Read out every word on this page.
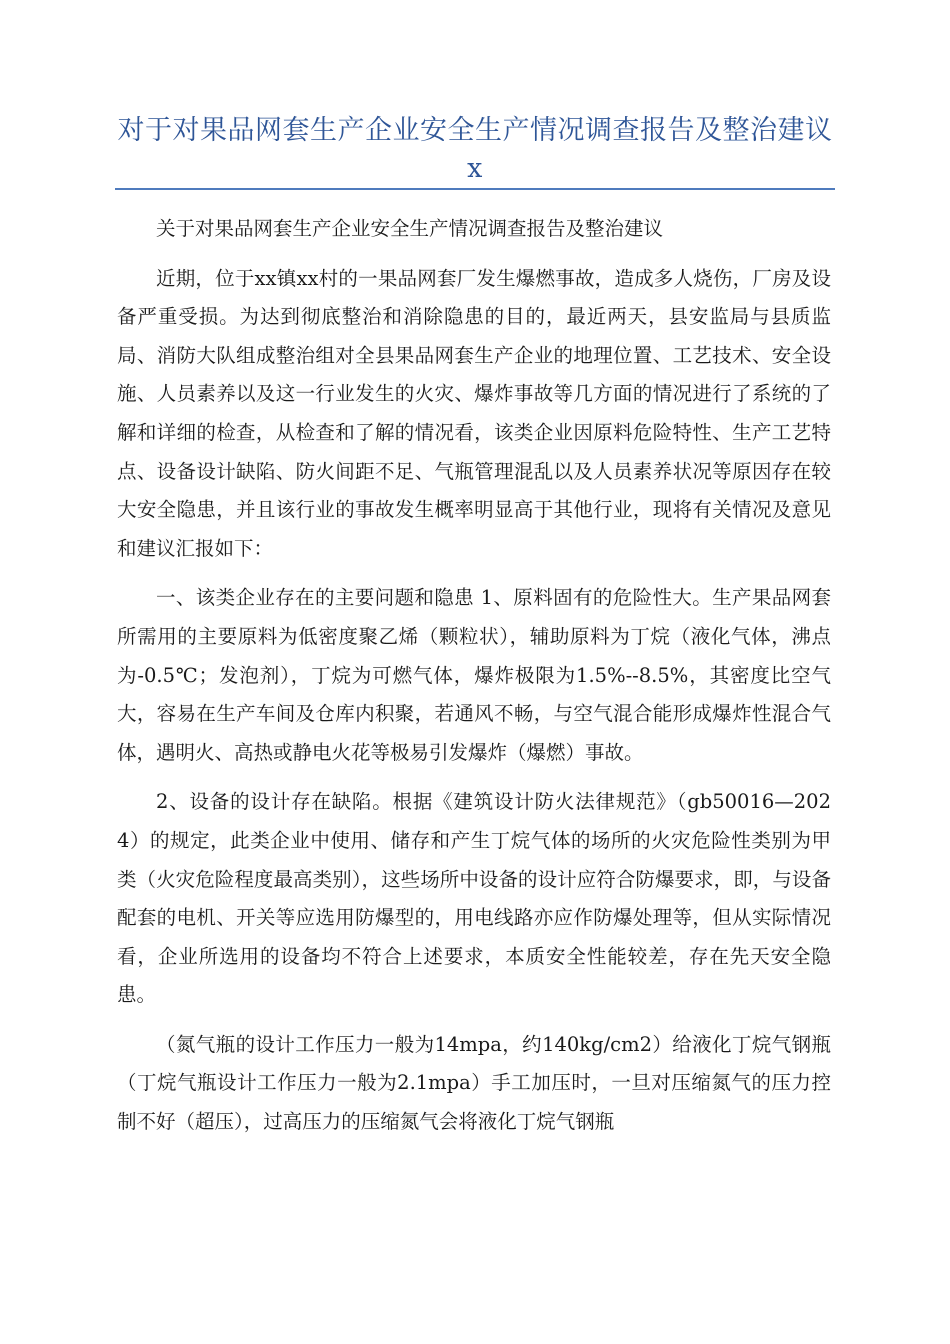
对于对果品网套生产企业安全生产情况调查报告及整治建议 x

关于对果品网套生产企业安全生产情况调查报告及整治建议

近期，位于xx镇xx村的一果品网套厂发生爆燃事故，造成多人烧伤，厂房及设备严重受损。为达到彻底整治和消除隐患的目的，最近两天，县安监局与县质监局、消防大队组成整治组对全县果品网套生产企业的地理位置、工艺技术、安全设施、人员素养以及这一行业发生的火灾、爆炸事故等几方面的情况进行了系统的了解和详细的检查，从检查和了解的情况看，该类企业因原料危险特性、生产工艺特点、设备设计缺陷、防火间距不足、气瓶管理混乱以及人员素养状况等原因存在较大安全隐患，并且该行业的事故发生概率明显高于其他行业，现将有关情况及意见和建议汇报如下：

一、该类企业存在的主要问题和隐患 1、原料固有的危险性大。生产果品网套所需用的主要原料为低密度聚乙烯（颗粒状），辅助原料为丁烷（液化气体，沸点为-0.5℃；发泡剂），丁烷为可燃气体，爆炸极限为1.5%--8.5%，其密度比空气大，容易在生产车间及仓库内积聚，若通风不畅，与空气混合能形成爆炸性混合气体，遇明火、高热或静电火花等极易引发爆炸（爆燃）事故。

2、设备的设计存在缺陷。根据《建筑设计防火法律规范》（gb50016—2024）的规定，此类企业中使用、储存和产生丁烷气体的场所的火灾危险性类别为甲类（火灾危险程度最高类别），这些场所中设备的设计应符合防爆要求，即，与设备配套的电机、开关等应选用防爆型的，用电线路亦应作防爆处理等，但从实际情况看，企业所选用的设备均不符合上述要求，本质安全性能较差，存在先天安全隐患。

（氮气瓶的设计工作压力一般为14mpa，约140kg/cm2）给液化丁烷气钢瓶（丁烷气瓶设计工作压力一般为2.1mpa）手工加压时，一旦对压缩氮气的压力控制不好（超压），过高压力的压缩氮气会将液化丁烷气钢瓶
